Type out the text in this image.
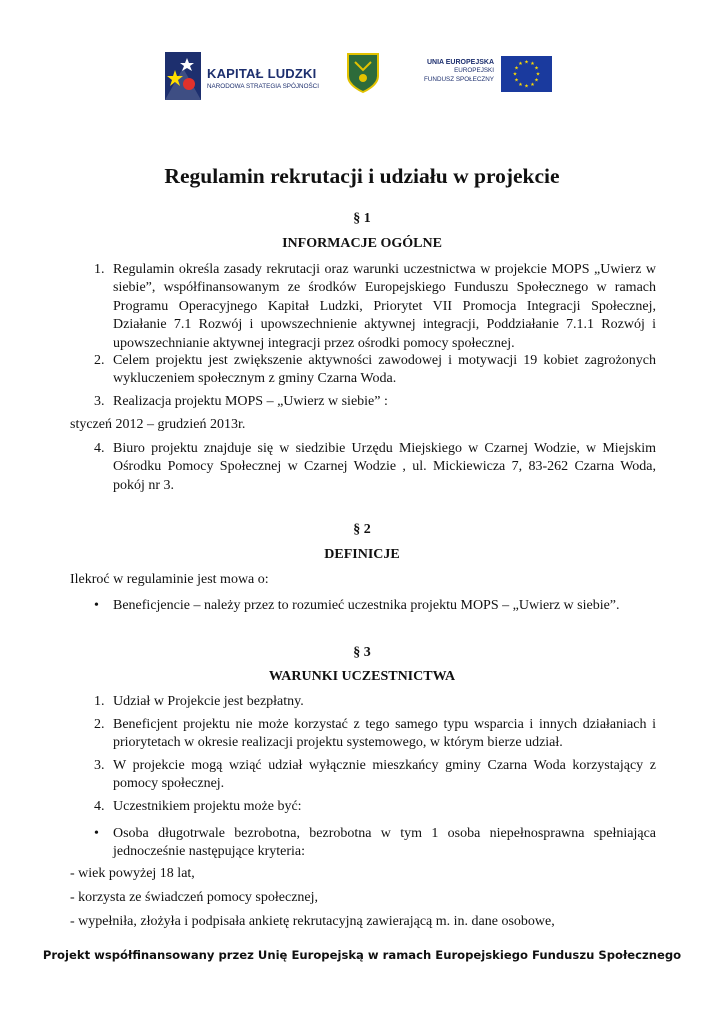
KAPITAŁ LUDZKI
NARODOWA STRATEGIA SPÓJNOŚCI
UNIA EUROPEJSKA
EUROPEJSKI
FUNDUSZ SPOŁECZNY
★ ★
★
★
★
★
★
★
★
★
★
★
Regulamin rekrutacji i udziału w projekcie
§ 1
INFORMACJE OGÓLNE
1. Regulamin określa zasady rekrutacji oraz warunki uczestnictwa w projekcie MOPS „Uwierz w siebie”, współfinansowanym ze środków Europejskiego Funduszu Społecznego w ramach Programu Operacyjnego Kapitał Ludzki, Priorytet VII Promocja Integracji Społecznej, Działanie 7.1 Rozwój i upowszechnienie aktywnej integracji, Poddziałanie 7.1.1 Rozwój i upowszechnianie aktywnej integracji przez ośrodki pomocy społecznej.
2. Celem projektu jest zwiększenie aktywności zawodowej i motywacji 19 kobiet zagrożonych wykluczeniem społecznym z gminy Czarna Woda.
3. Realizacja projektu MOPS – „Uwierz w siebie” :
styczeń 2012 – grudzień 2013r.
4. Biuro projektu znajduje się w siedzibie Urzędu Miejskiego w Czarnej Wodzie, w Miejskim Ośrodku Pomocy Społecznej w Czarnej Wodzie , ul. Mickiewicza 7, 83-262 Czarna Woda, pokój nr 3.
§ 2
DEFINICJE
Ilekroć w regulaminie jest mowa o:
•	Beneficjencie – należy przez to rozumieć uczestnika projektu MOPS – „Uwierz w siebie”.
§ 3
WARUNKI UCZESTNICTWA
1. Udział w Projekcie jest bezpłatny.
2. Beneficjent projektu nie może korzystać z tego samego typu wsparcia i innych działaniach i priorytetach w okresie realizacji projektu systemowego, w którym bierze udział.
3. W projekcie mogą wziąć udział wyłącznie mieszkańcy gminy Czarna Woda korzystający z pomocy społecznej.
4. Uczestnikiem projektu może być:
•	Osoba długotrwale bezrobotna, bezrobotna w tym 1 osoba niepełnosprawna spełniająca jednocześnie następujące kryteria:
- wiek powyżej 18 lat,
- korzysta ze świadczeń pomocy społecznej,
- wypełniła, złożyła i podpisała ankietę rekrutacyjną zawierającą m. in. dane osobowe,
Projekt współfinansowany przez Unię Europejską w ramach Europejskiego Funduszu Społecznego
